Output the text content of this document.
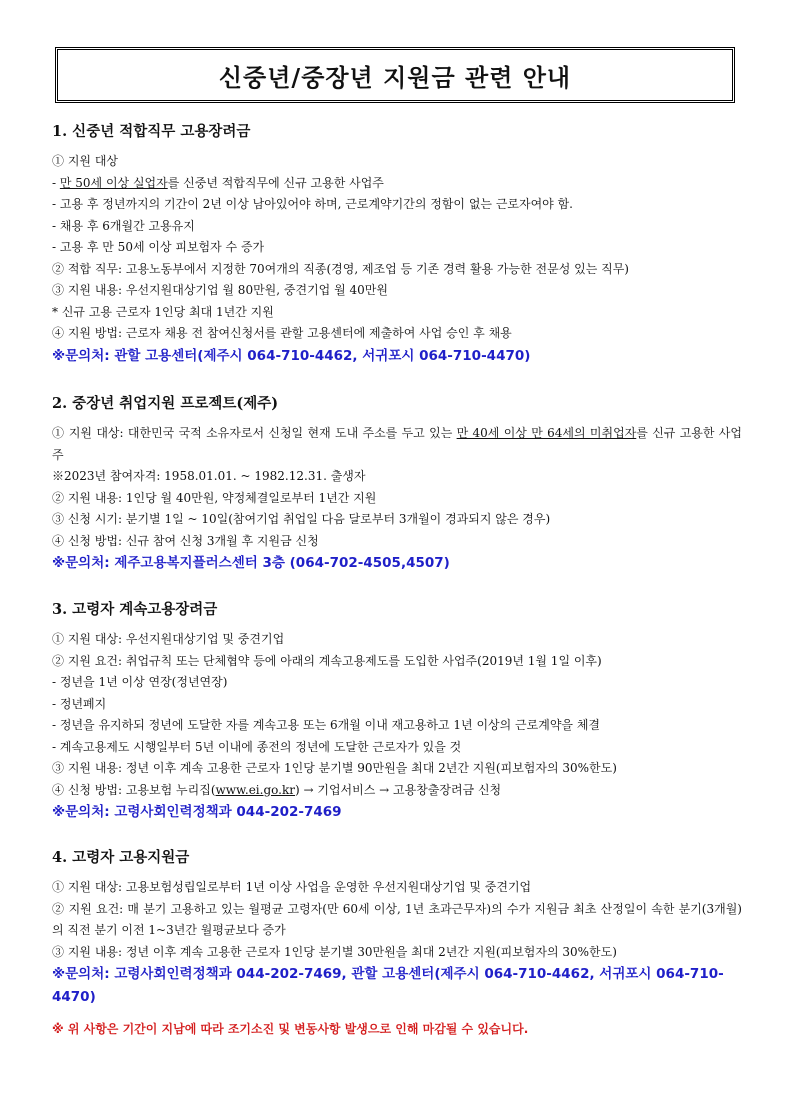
신중년/중장년 지원금 관련 안내
1. 신중년 적합직무 고용장려금
① 지원 대상
- 만 50세 이상 실업자를 신중년 적합직무에 신규 고용한 사업주
- 고용 후 정년까지의 기간이 2년 이상 남아있어야 하며, 근로계약기간의 정함이 없는 근로자여야 함.
- 채용 후 6개월간 고용유지
- 고용 후 만 50세 이상 피보험자 수 증가
② 적합 직무: 고용노동부에서 지정한 70여개의 직종(경영, 제조업 등 기존 경력 활용 가능한 전문성 있는 직무)
③ 지원 내용: 우선지원대상기업 월 80만원, 중견기업 월 40만원
* 신규 고용 근로자 1인당 최대 1년간 지원
④ 지원 방법: 근로자 채용 전 참여신청서를 관할 고용센터에 제출하여 사업 승인 후 채용
※문의처: 관할 고용센터(제주시 064-710-4462, 서귀포시 064-710-4470)
2. 중장년 취업지원 프로젝트(제주)
① 지원 대상: 대한민국 국적 소유자로서 신청일 현재 도내 주소를 두고 있는 만 40세 이상 만 64세의 미취업자를 신규 고용한 사업주
※2023년 참여자격: 1958.01.01. ~ 1982.12.31. 출생자
② 지원 내용: 1인당 월 40만원, 약정체결일로부터 1년간 지원
③ 신청 시기: 분기별 1일 ~ 10일(참여기업 취업일 다음 달로부터 3개월이 경과되지 않은 경우)
④ 신청 방법: 신규 참여 신청 3개월 후 지원금 신청
※문의처: 제주고용복지플러스센터 3층 (064-702-4505,4507)
3. 고령자 계속고용장려금
① 지원 대상: 우선지원대상기업 및 중견기업
② 지원 요건: 취업규칙 또는 단체협약 등에 아래의 계속고용제도를 도입한 사업주(2019년 1월 1일 이후)
- 정년을 1년 이상 연장(정년연장)
- 정년폐지
- 정년을 유지하되 정년에 도달한 자를 계속고용 또는 6개월 이내 재고용하고 1년 이상의 근로계약을 체결
- 계속고용제도 시행일부터 5년 이내에 종전의 정년에 도달한 근로자가 있을 것
③ 지원 내용: 정년 이후 계속 고용한 근로자 1인당 분기별 90만원을 최대 2년간 지원(피보험자의 30%한도)
④ 신청 방법: 고용보험 누리집(www.ei.go.kr) → 기업서비스 → 고용창출장려금 신청
※문의처: 고령사회인력정책과 044-202-7469
4. 고령자 고용지원금
① 지원 대상: 고용보험성립일로부터 1년 이상 사업을 운영한 우선지원대상기업 및 중견기업
② 지원 요건: 매 분기 고용하고 있는 월평균 고령자(만 60세 이상, 1년 초과근무자)의 수가 지원금 최초 산정일이 속한 분기(3개월)의 직전 분기 이전 1~3년간 월평균보다 증가
③ 지원 내용: 정년 이후 계속 고용한 근로자 1인당 분기별 30만원을 최대 2년간 지원(피보험자의 30%한도)
※문의처: 고령사회인력정책과 044-202-7469, 관할 고용센터(제주시 064-710-4462, 서귀포시 064-710-4470)
※ 위 사항은 기간이 지남에 따라 조기소진 및 변동사항 발생으로 인해 마감될 수 있습니다.
